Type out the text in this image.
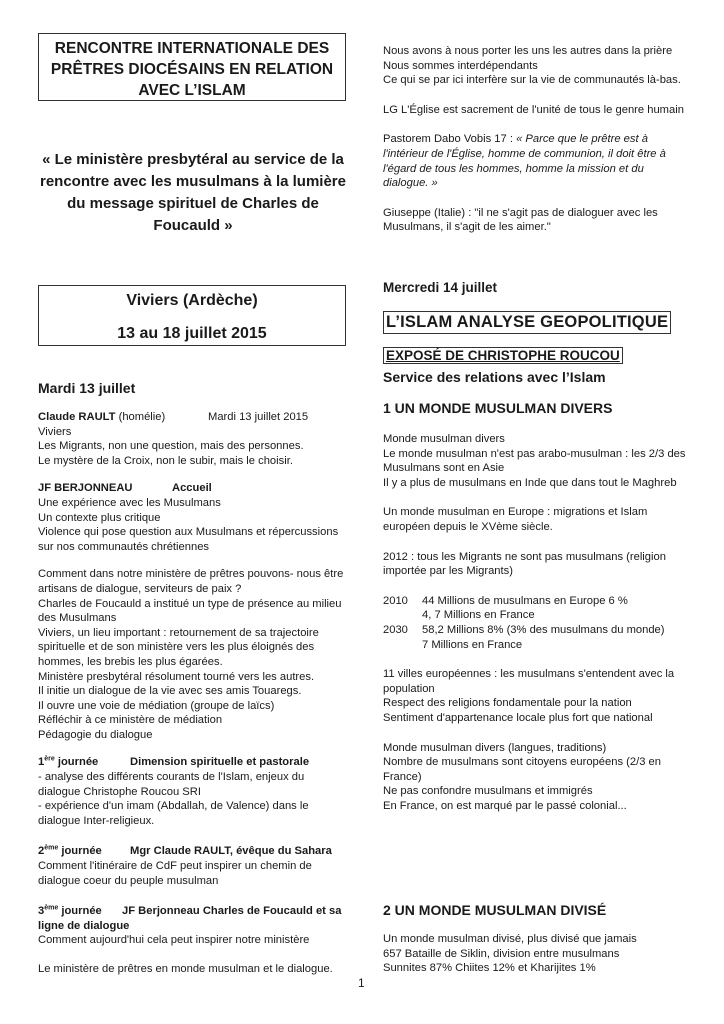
RENCONTRE INTERNATIONALE DES PRÊTRES DIOCÉSAINS EN RELATION AVEC L’ISLAM
« Le ministère presbytéral au service de la rencontre avec les musulmans à la lumière du message spirituel de Charles de Foucauld »
Viviers (Ardèche)
13 au 18 juillet 2015
Mardi 13 juillet
Claude RAULT (homélie)	Mardi 13 juillet 2015
Viviers
Les Migrants, non une question, mais des personnes.
Le mystère de la Croix, non le subir, mais le choisir.
JF BERJONNEAU	Accueil
Une expérience avec les Musulmans
Un contexte plus critique
Violence qui pose question aux Musulmans et répercussions sur nos communautés chrétiennes
Comment dans notre ministère de prêtres pouvons- nous être artisans de dialogue, serviteurs de paix ?
Charles de Foucauld a institué un type de présence au milieu des Musulmans
Viviers, un lieu important : retournement de sa trajectoire spirituelle et de son ministère vers les plus éloignés des hommes, les brebis les plus égarées.
Ministère presbytéral résolument tourné vers les autres.
Il initie un dialogue de la vie avec ses amis Touaregs.
Il ouvre une voie de médiation (groupe de laïcs)
Réfléchir à ce ministère de médiation
Pédagogie du dialogue
1ère journée	Dimension spirituelle et pastorale
- analyse des différents courants de l'Islam, enjeux du dialogue Christophe Roucou SRI
- expérience d'un imam (Abdallah, de Valence) dans le dialogue Inter-religieux.
2ème journée	Mgr Claude RAULT, évêque du Sahara
Comment l'itinéraire de CdF peut inspirer un chemin de dialogue coeur du peuple musulman
3ème journée JF Berjonneau Charles de Foucauld et sa ligne de dialogue
Comment aujourd'hui cela peut inspirer notre ministère
Le ministère de prêtres en monde musulman et le dialogue.
Nous avons à nous porter les uns les autres dans la prière
Nous sommes interdépendants
Ce qui se par ici interfère sur la vie de communautés là-bas.
LG L'Église est sacrement de l'unité de tous le genre humain
Pastorem Dabo Vobis 17 : « Parce que le prêtre est à l'intérieur de l'Église, homme de communion, il doit être à l'égard de tous les hommes, homme la mission et du dialogue. »
Giuseppe (Italie) : "il ne s'agit pas de dialoguer avec les Musulmans, il s'agit de les aimer."
Mercredi 14 juillet
L’ISLAM ANALYSE GEOPOLITIQUE
EXPOSÉ DE CHRISTOPHE ROUCOU
Service des relations avec l’Islam
1 UN MONDE MUSULMAN DIVERS
Monde musulman divers
Le monde musulman n'est pas arabo-musulman : les 2/3 des Musulmans sont en Asie
Il y a plus de musulmans en Inde que dans tout le Maghreb
Un monde musulman en Europe : migrations et Islam européen depuis le XVème siècle.
2012 : tous les Migrants ne sont pas musulmans (religion importée par les Migrants)
2010	44 Millions de musulmans en Europe 6 %
4, 7 Millions en France
2030	58,2 Millions 8% (3% des musulmans du monde)
7 Millions en France
11 villes européennes : les musulmans s'entendent avec la population
Respect des religions fondamentale pour la nation
Sentiment d'appartenance locale plus fort que national
Monde musulman divers (langues, traditions)
Nombre de musulmans sont citoyens européens (2/3 en France)
Ne pas confondre musulmans et immigrés
En France, on est marqué par le passé colonial...
2 UN MONDE MUSULMAN DIVISÉ
Un monde musulman divisé, plus divisé que jamais
657 Bataille de Siklin, division entre musulmans
Sunnites 87% Chiites 12% et Kharijites 1%
1
